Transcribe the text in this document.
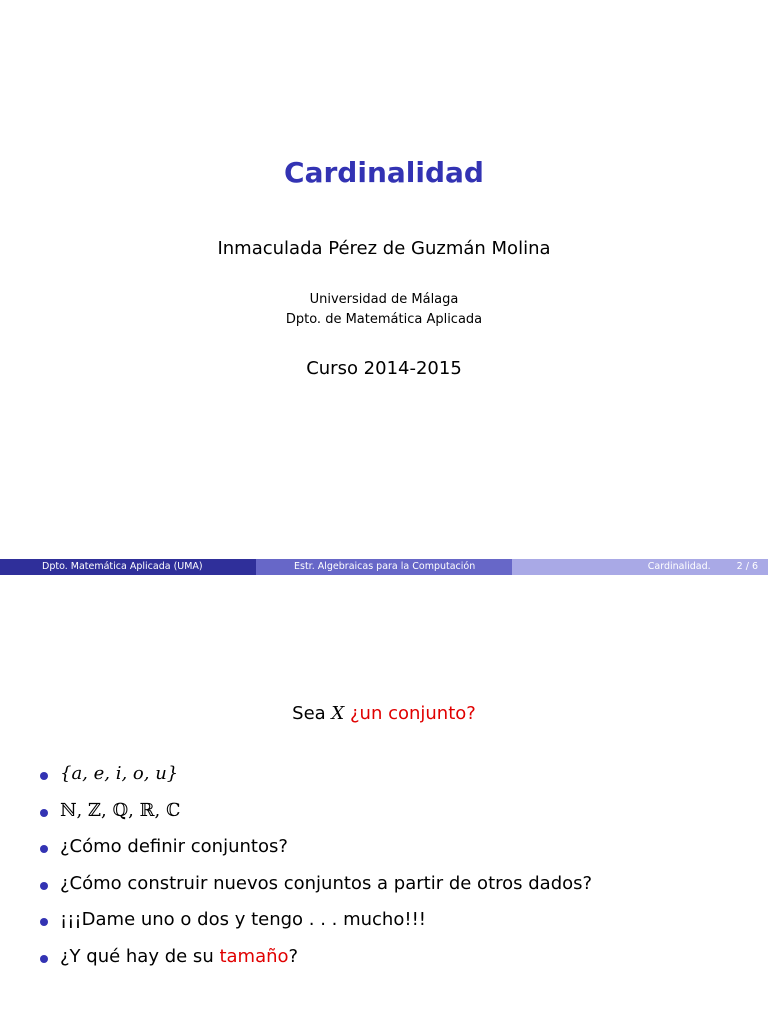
Cardinalidad
Inmaculada Pérez de Guzmán Molina
Universidad de Málaga
Dpto. de Matemática Aplicada
Curso 2014-2015
Dpto. Matemática Aplicada (UMA)	Estr. Algebraicas para la Computación	Cardinalidad.	2 / 6
Sea X ¿un conjunto?
{a, e, i, o, u}
ℕ, ℤ, ℚ, ℝ, ℂ
¿Cómo definir conjuntos?
¿Cómo construir nuevos conjuntos a partir de otros dados?
¡¡¡Dame uno o dos y tengo . . . mucho!!!
¿Y qué hay de su tamaño?
